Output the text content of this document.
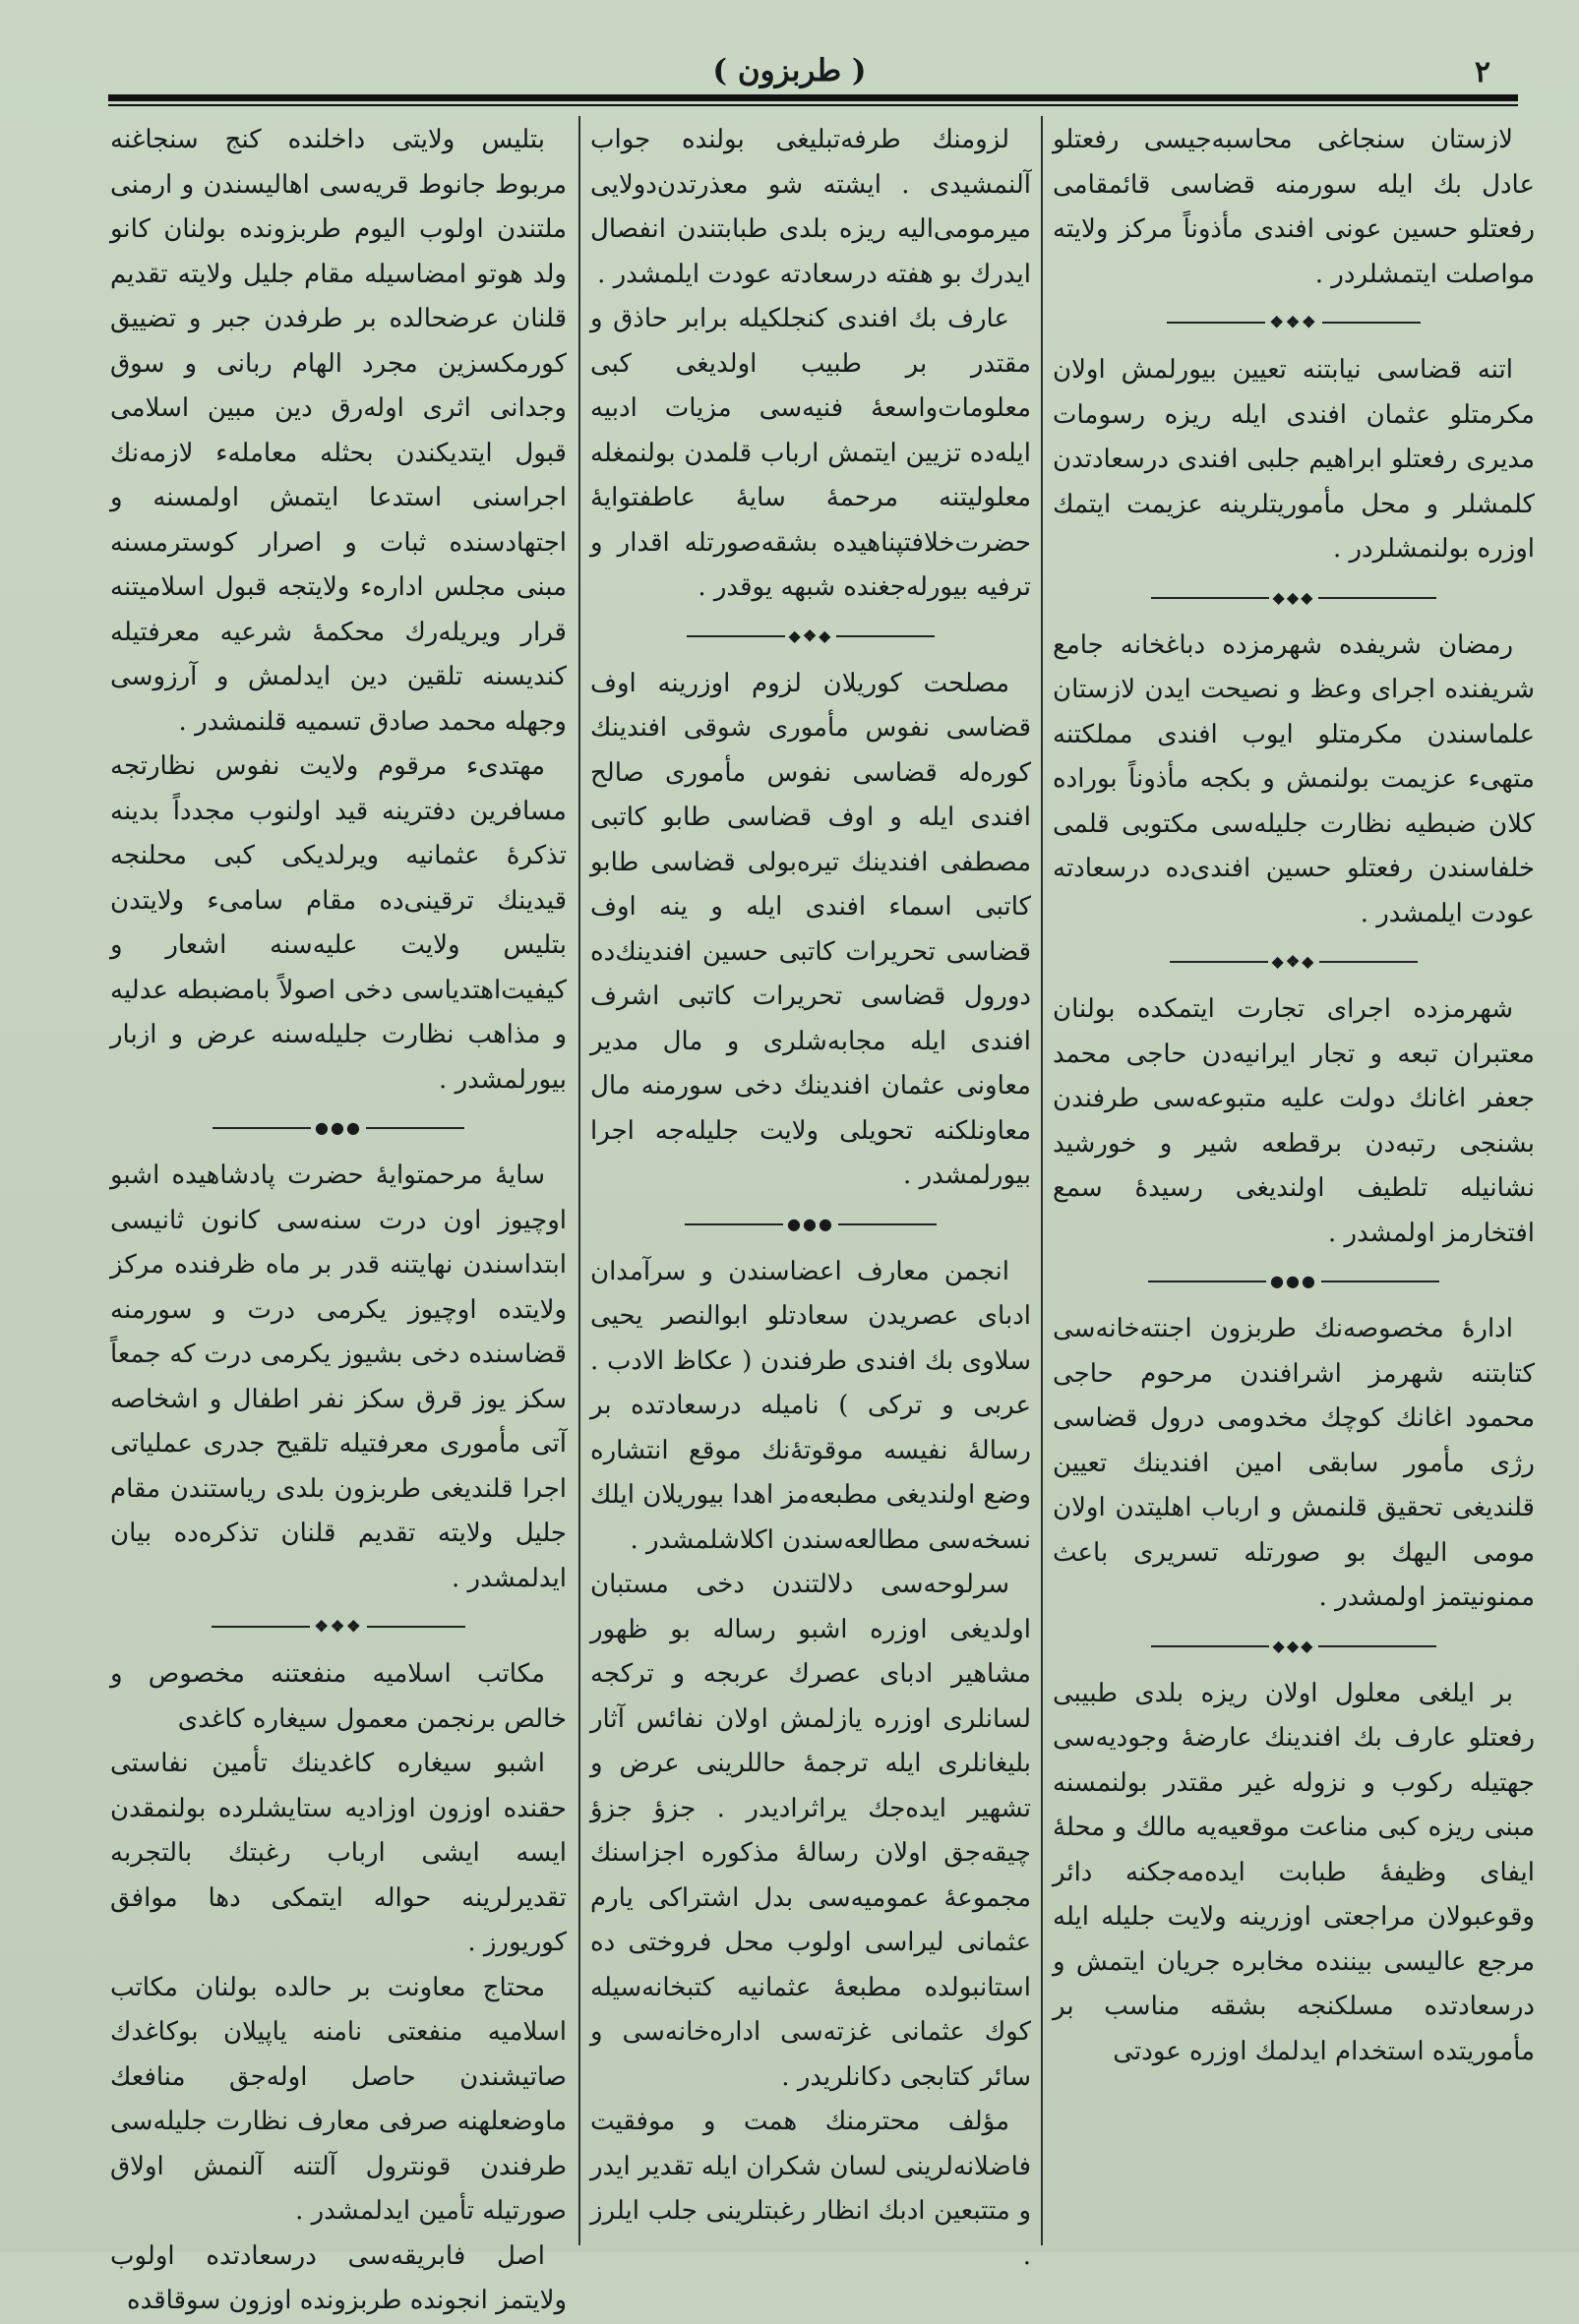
( طربزون )	٢

لازستان سنجاغی محاسبه‌جیسی رفعتلو عادل بك ایله سورمنه قضاسی قائمقامی رفعتلو حسین عونی افندی مأذوناً مرکز ولایته مواصلت ایتمشلردر .

❖❖❖

اتنه قضاسی نیابتنه تعیین بیورلمش اولان مکرمتلو عثمان افندی ایله ریزه رسومات مدیری رفعتلو ابراهیم جلبی افندی درسعادتدن کلمشلر و محل مأموریتلرینه عزیمت ایتمك اوزره بولنمشلردر .

◆◆◆

رمضان شریفده شهرمزده دباغخانه جامع شریفنده اجرای وعظ و نصیحت ایدن لازستان علماسندن مکرمتلو ایوب افندی مملکتنه متهیء عزیمت بولنمش و بکجه مأذوناً بوراده کلان ضبطیه نظارت جلیله‌سی مکتوبی قلمی خلفاسندن رفعتلو حسین افندی‌ده درسعادته عودت ایلمشدر .

◆❖◆

شهرمزده اجرای تجارت ایتمکده بولنان معتبران تبعه و تجار ایرانیه‌دن حاجی محمد جعفر اغانك دولت علیه متبوعه‌سی طرفندن بشنجی رتبه‌دن برقطعه شیر و خورشید نشانیله تلطیف اولندیغی رسیدهٔ سمع افتخارمز اولمشدر .

●●●

ادارهٔ مخصوصه‌نك طربزون اجنته‌خانه‌سی کتابتنه شهرمز اشرافندن مرحوم حاجی محمود اغانك کوچك مخدومی درول قضاسی رژی مأمور سابقی امین افندینك تعیین قلندیغی تحقیق قلنمش و ارباب اهلیتدن اولان مومی الیهك بو صورتله تسریری باعث ممنونیتمز اولمشدر .

◆◆◆

بر ایلغی معلول اولان ریزه بلدی طبیبی رفعتلو عارف بك افندینك عارضهٔ وجودیه‌سی جهتیله رکوب و نزوله غیر مقتدر بولنمسنه مبنی ریزه کبی مناعت موقعیه‌یه مالك و محلهٔ ایفای وظیفهٔ طبابت ایده‌مه‌جکنه دائر وقوعبولان مراجعتی اوزرینه ولایت جلیله ایله مرجع عالیسی بیننده مخابره جریان ایتمش و درسعادتده مسلکنجه بشقه مناسب بر مأموریتده استخدام ایدلمك اوزره عودتی

لزومنك طرفه‌تبلیغی بولنده جواب آلنمشیدی . ایشته شو معذرتدن‌دولایی میرمومی‌الیه ریزه بلدی طبابتندن انفصال ایدرك بو هفته درسعادته عودت ایلمشدر .

عارف بك افندی کنجلکیله برابر حاذق و مقتدر بر طبیب اولدیغی کبی معلومات‌واسعهٔ فنیه‌سی مزیات ادبیه ایله‌ده تزیین ایتمش ارباب قلمدن بولنمغله معلولیتنه مرحمهٔ سایهٔ عاطفتوایهٔ حضرت‌خلافتپناهیده بشقه‌صورتله اقدار و ترفیه بیورله‌جغنده شبهه یوقدر .

◆❖◆

مصلحت کوریلان لزوم اوزرینه اوف قضاسی نفوس مأموری شوقی افندینك کوره‌له قضاسی نفوس مأموری صالح افندی ایله و اوف قضاسی طابو کاتبی مصطفی افندینك تیره‌بولی قضاسی طابو کاتبی اسماء افندی ایله و ینه اوف قضاسی تحریرات کاتبی حسین افندینك‌ده دورول قضاسی تحریرات کاتبی اشرف افندی ایله مجابه‌شلری و مال مدیر معاونی عثمان افندینك دخی سورمنه مال معاونلکنه تحویلی ولایت جلیله‌جه اجرا بیورلمشدر .

●●●

انجمن معارف اعضاسندن و سرآمدان ادبای عصریدن سعادتلو ابوالنصر یحیی سلاوی بك افندی طرفندن ( عکاظ الادب . عربی و ترکی ) نامیله درسعادتده بر رسالهٔ نفیسه موقوتهٔ‌نك موقع انتشاره وضع اولندیغی مطبعه‌مز اهدا بیوریلان ایلك نسخه‌سی مطالعه‌سندن اکلاشلمشدر .

سرلوحه‌سی دلالتندن دخی مستبان اولدیغی اوزره اشبو رساله بو ظهور مشاهیر ادبای عصرك عربجه و ترکجه لسانلری اوزره یازلمش اولان نفائس آثار بلیغانلری ایله ترجمهٔ حاللرینی عرض و تشهیر ایده‌جك یراثرادیدر . جزؤ جزؤ چیقه‌جق اولان رسالهٔ مذکوره اجزاسنك مجموعهٔ عمومیه‌سی بدل اشتراکی یارم عثمانی لیراسی اولوب محل فروختی ده استانبولده مطبعهٔ عثمانیه کتبخانه‌سیله کوك عثمانی غزته‌سی اداره‌خانه‌سی و سائر کتابجی دکانلریدر .

مؤلف محترمنك همت و موفقیت فاضلانه‌لرینی لسان شکران ایله تقدیر ایدر و متتبعین ادبك انظار رغبتلرینی جلب ایلرز .

بتلیس ولایتی داخلنده کنج سنجاغنه مربوط جانوط قریه‌سی اهالیسندن و ارمنی ملتندن اولوب الیوم طربزونده بولنان کانو ولد هوتو امضاسیله مقام جلیل ولایته تقدیم قلنان عرضحالده بر طرفدن جبر و تضییق کورمکسزین مجرد الهام ربانی و سوق وجدانی اثری اوله‌رق دین مبین اسلامی قبول ایتدیکندن بحثله معامله‌ء لازمه‌نك اجراسنی استدعا ایتمش اولمسنه و اجتهادسنده ثبات و اصرار کوسترمسنه مبنی مجلس اداره‌ء ولایتجه قبول اسلامیتنه قرار ویریله‌رك محکمهٔ شرعیه معرفتیله کندیسنه تلقین دین ایدلمش و آرزوسی وجهله محمد صادق تسمیه قلنمشدر .

مهتدیء مرقوم ولایت نفوس نظارتجه مسافرین دفترینه قید اولنوب مجدداً بدینه تذکرهٔ عثمانیه ویرلدیکی کبی محلنجه قیدینك ترقینی‌ده مقام سامیء ولایتدن بتلیس ولایت علیه‌سنه اشعار و کیفیت‌اهتدیاسی دخی اصولاً بامضبطه عدلیه و مذاهب نظارت جلیله‌سنه عرض و ازبار بیورلمشدر .

●●●

سایهٔ مرحمتوایهٔ حضرت پادشاهیده اشبو اوچیوز اون درت سنه‌سی کانون ثانیسی ابتداسندن نهایتنه قدر بر ماه ظرفنده مرکز ولایتده اوچیوز یکرمی درت و سورمنه قضاسنده دخی بشیوز یکرمی درت که جمعاً سکز یوز قرق سکز نفر اطفال و اشخاصه آتی مأموری معرفتیله تلقیح جدری عملیاتی اجرا قلندیغی طربزون بلدی ریاستندن مقام جلیل ولایته تقدیم قلنان تذکره‌ده بیان ایدلمشدر .

❖❖❖

مکاتب اسلامیه منفعتنه مخصوص و خالص برنجمن معمول سیغاره کاغدی

اشبو سیغاره کاغدینك تأمین نفاستی حقنده اوزون اوزادیه ستایشلرده بولنمقدن ایسه ایشی ارباب رغبتك بالتجربه تقدیرلرینه حواله ایتمکی دها موافق کوریورز .

محتاج معاونت بر حالده بولنان مکاتب اسلامیه منفعتی نامنه یاپیلان بوکاغدك صاتیشندن حاصل اوله‌جق منافعك ماوضعلهنه صرفی معارف نظارت جلیله‌سی طرفندن قونترول آلتنه آلنمش اولاق صورتیله تأمین ایدلمشدر .

اصل فابریقه‌سی درسعادتده اولوب ولایتمز انجونده طربزونده اوزون سوقاقده
